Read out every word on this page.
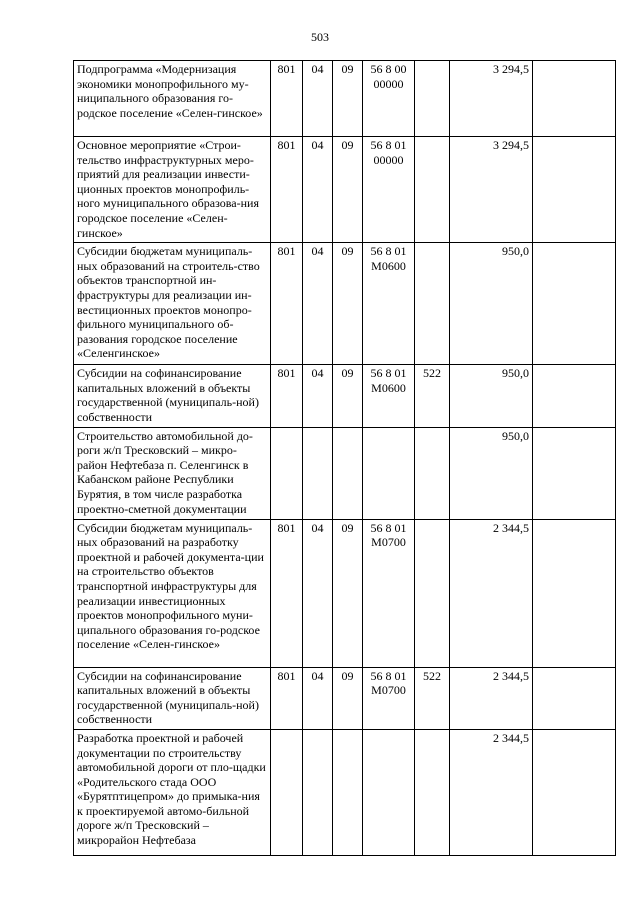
503
Подпрограмма «Модернизация экономики монопрофильного му-ниципального образования го-родское поселение «Селен-гинское»	801	04	09	56 8 00 00000		3 294,5	
Основное мероприятие «Строи-тельство инфраструктурных меро-приятий для реализации инвести-ционных проектов монопрофиль-ного муниципального образова-ния городское поселение «Селен-гинское»	801	04	09	56 8 01 00000		3 294,5	
Субсидии бюджетам муниципаль-ных образований на строитель-ство объектов транспортной ин-фраструктуры для реализации ин-вестиционных проектов монопро-фильного муниципального об-разования городское поселение «Селенгинское»	801	04	09	56 8 01 M0600		950,0	
Субсидии на софинансирование капитальных вложений в объекты государственной (муниципаль-ной) собственности	801	04	09	56 8 01 M0600	522	950,0	
Строительство автомобильной до-роги ж/п Тресковский – микро-район Нефтебаза п. Селенгинск в Кабанском районе Республики Бурятия, в том числе разработка проектно-сметной документации						950,0	
Субсидии бюджетам муниципаль-ных образований на разработку проектной и рабочей документа-ции на строительство объектов транспортной инфраструктуры для реализации инвестиционных проектов монопрофильного муни-ципального образования го-родское поселение «Селен-гинское»	801	04	09	56 8 01 M0700		2 344,5	
Субсидии на софинансирование капитальных вложений в объекты государственной (муниципаль-ной) собственности	801	04	09	56 8 01 M0700	522	2 344,5	
Разработка проектной и рабочей документации по строительству автомобильной дороги от пло-щадки «Родительского стада ООО «Бурятптицепром» до примыка-ния к проектируемой автомо-бильной дороге ж/п Тресковский – микрорайон Нефтебаза						2 344,5	
